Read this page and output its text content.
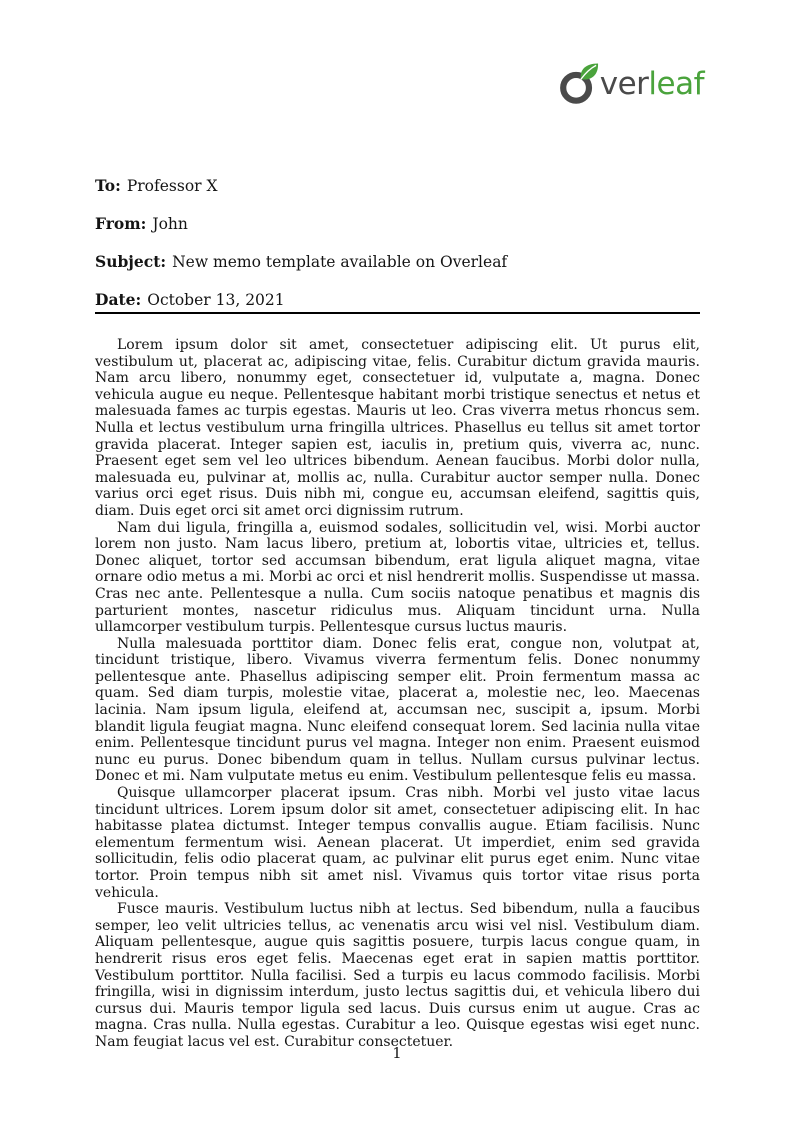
ver leaf

To: Professor X

From: John

Subject: New memo template available on Overleaf

Date: October 13, 2021

Lorem ipsum dolor sit amet, consectetuer adipiscing elit. Ut purus elit, vestibulum ut, placerat ac, adipiscing vitae, felis. Curabitur dictum gravida mauris. Nam arcu libero, nonummy eget, consectetuer id, vulputate a, magna. Donec vehicula augue eu neque. Pellentesque habitant morbi tristique senectus et netus et malesuada fames ac turpis egestas. Mauris ut leo. Cras viverra metus rhoncus sem. Nulla et lectus vestibulum urna fringilla ultrices. Phasellus eu tellus sit amet tortor gravida placerat. Integer sapien est, iaculis in, pretium quis, viverra ac, nunc. Praesent eget sem vel leo ultrices bibendum. Aenean faucibus. Morbi dolor nulla, malesuada eu, pulvinar at, mollis ac, nulla. Curabitur auctor semper nulla. Donec varius orci eget risus. Duis nibh mi, congue eu, accumsan eleifend, sagittis quis, diam. Duis eget orci sit amet orci dignissim rutrum.

Nam dui ligula, fringilla a, euismod sodales, sollicitudin vel, wisi. Morbi auctor lorem non justo. Nam lacus libero, pretium at, lobortis vitae, ultricies et, tellus. Donec aliquet, tortor sed accumsan bibendum, erat ligula aliquet magna, vitae ornare odio metus a mi. Morbi ac orci et nisl hendrerit mollis. Suspendisse ut massa. Cras nec ante. Pellentesque a nulla. Cum sociis natoque penatibus et magnis dis parturient montes, nascetur ridiculus mus. Aliquam tincidunt urna. Nulla ullamcorper vestibulum turpis. Pellentesque cursus luctus mauris.

Nulla malesuada porttitor diam. Donec felis erat, congue non, volutpat at, tincidunt tristique, libero. Vivamus viverra fermentum felis. Donec nonummy pellentesque ante. Phasellus adipiscing semper elit. Proin fermentum massa ac quam. Sed diam turpis, molestie vitae, placerat a, molestie nec, leo. Maecenas lacinia. Nam ipsum ligula, eleifend at, accumsan nec, suscipit a, ipsum. Morbi blandit ligula feugiat magna. Nunc eleifend consequat lorem. Sed lacinia nulla vitae enim. Pellentesque tincidunt purus vel magna. Integer non enim. Praesent euismod nunc eu purus. Donec bibendum quam in tellus. Nullam cursus pulvinar lectus. Donec et mi. Nam vulputate metus eu enim. Vestibulum pellentesque felis eu massa.

Quisque ullamcorper placerat ipsum. Cras nibh. Morbi vel justo vitae lacus tincidunt ultrices. Lorem ipsum dolor sit amet, consectetuer adipiscing elit. In hac habitasse platea dictumst. Integer tempus convallis augue. Etiam facilisis. Nunc elementum fermentum wisi. Aenean placerat. Ut imperdiet, enim sed gravida sollicitudin, felis odio placerat quam, ac pulvinar elit purus eget enim. Nunc vitae tortor. Proin tempus nibh sit amet nisl. Vivamus quis tortor vitae risus porta vehicula.

Fusce mauris. Vestibulum luctus nibh at lectus. Sed bibendum, nulla a faucibus semper, leo velit ultricies tellus, ac venenatis arcu wisi vel nisl. Vestibulum diam. Aliquam pellentesque, augue quis sagittis posuere, turpis lacus congue quam, in hendrerit risus eros eget felis. Maecenas eget erat in sapien mattis porttitor. Vestibulum porttitor. Nulla facilisi. Sed a turpis eu lacus commodo facilisis. Morbi fringilla, wisi in dignissim interdum, justo lectus sagittis dui, et vehicula libero dui cursus dui. Mauris tempor ligula sed lacus. Duis cursus enim ut augue. Cras ac magna. Cras nulla. Nulla egestas. Curabitur a leo. Quisque egestas wisi eget nunc. Nam feugiat lacus vel est. Curabitur consectetuer.

1
